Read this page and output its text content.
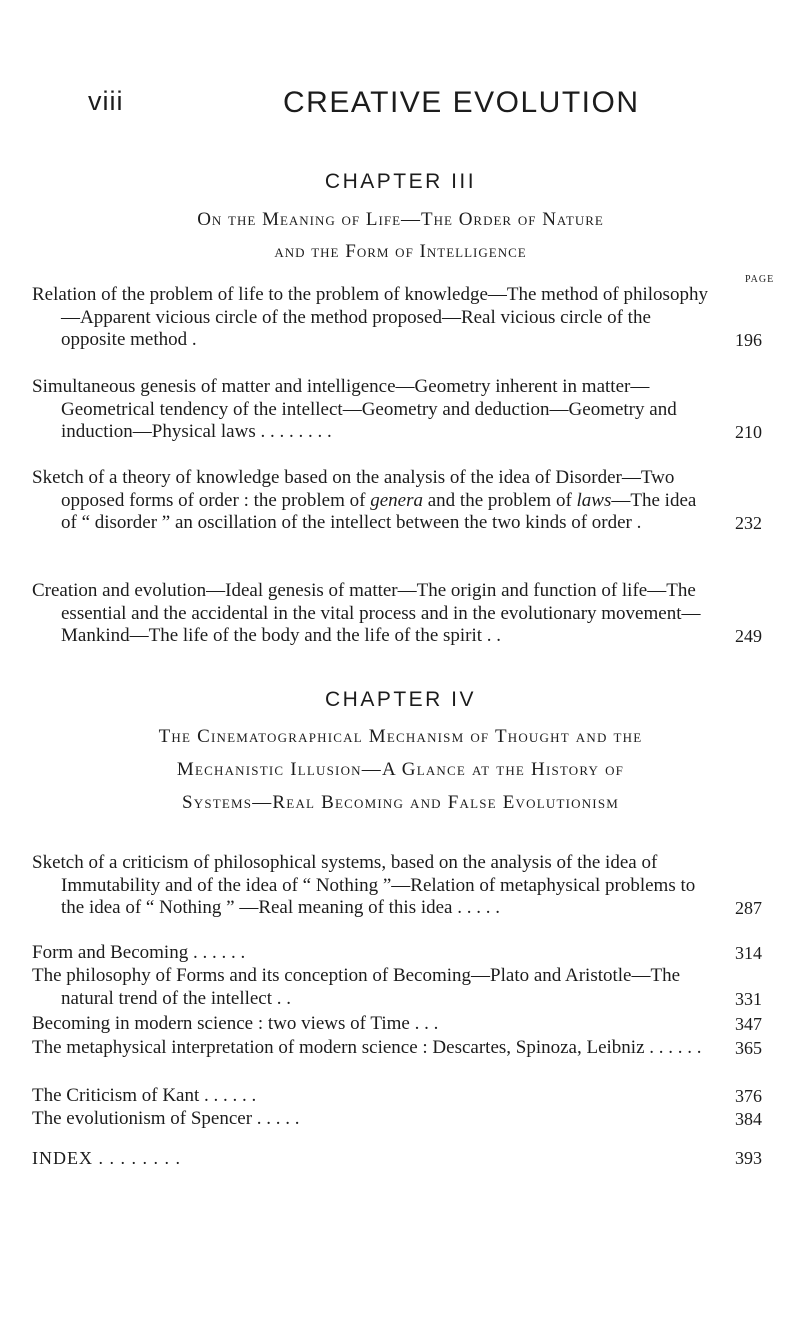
viii	CREATIVE EVOLUTION
CHAPTER III
On the Meaning of Life—The Order of Nature
and the Form of Intelligence
PAGE
Relation of the problem of life to the problem of knowledge—The method of philosophy—Apparent vicious circle of the method proposed—Real vicious circle of the opposite method .	196
Simultaneous genesis of matter and intelligence—Geometry inherent in matter—Geometrical tendency of the intellect—Geometry and deduction—Geometry and induction—Physical laws . . . . . . . .	210
Sketch of a theory of knowledge based on the analysis of the idea of Disorder—Two opposed forms of order : the problem of genera and the problem of laws—The idea of “ disorder ” an oscillation of the intellect between the two kinds of order .	232
Creation and evolution—Ideal genesis of matter—The origin and function of life—The essential and the accidental in the vital process and in the evolutionary movement—Mankind—The life of the body and the life of the spirit . .	249
CHAPTER IV
The Cinematographical Mechanism of Thought and the
Mechanistic Illusion—A Glance at the History of
Systems—Real Becoming and False Evolutionism
Sketch of a criticism of philosophical systems, based on the analysis of the idea of Immutability and of the idea of “ Nothing ”—Relation of metaphysical problems to the idea of “ Nothing ” —Real meaning of this idea . . . . .	287
Form and Becoming . . . . . .	314
The philosophy of Forms and its conception of Becoming—Plato and Aristotle—The natural trend of the intellect . .	331
Becoming in modern science : two views of Time . . .	347
The metaphysical interpretation of modern science : Descartes, Spinoza, Leibniz . . . . . .	365
The Criticism of Kant . . . . . .	376
The evolutionism of Spencer . . . . .	384
INDEX . . . . . . . .	393
